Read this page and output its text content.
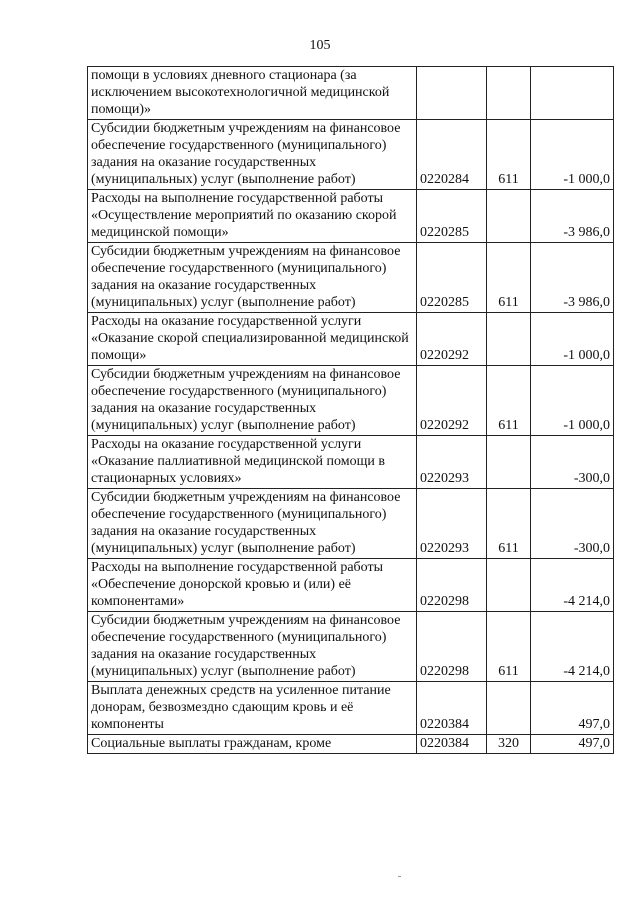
105
помощи в условиях дневного стационара (за исключением высокотехнологичной медицинской помощи)»			
Субсидии бюджетным учреждениям на финансовое обеспечение государственного (муниципального) задания на оказание государственных (муниципальных) услуг (выполнение работ)	0220284	611	-1 000,0
Расходы на выполнение государственной работы «Осуществление мероприятий по оказанию скорой медицинской помощи»	0220285		-3 986,0
Субсидии бюджетным учреждениям на финансовое обеспечение государственного (муниципального) задания на оказание государственных (муниципальных) услуг (выполнение работ)	0220285	611	-3 986,0
Расходы на оказание государственной услуги «Оказание скорой специализированной медицинской помощи»	0220292		-1 000,0
Субсидии бюджетным учреждениям на финансовое обеспечение государственного (муниципального) задания на оказание государственных (муниципальных) услуг (выполнение работ)	0220292	611	-1 000,0
Расходы на оказание государственной услуги «Оказание паллиативной медицинской помощи в стационарных условиях»	0220293		-300,0
Субсидии бюджетным учреждениям на финансовое обеспечение государственного (муниципального) задания на оказание государственных (муниципальных) услуг (выполнение работ)	0220293	611	-300,0
Расходы на выполнение государственной работы «Обеспечение донорской кровью и (или) её компонентами»	0220298		-4 214,0
Субсидии бюджетным учреждениям на финансовое обеспечение государственного (муниципального) задания на оказание государственных (муниципальных) услуг (выполнение работ)	0220298	611	-4 214,0
Выплата денежных средств на усиленное питание донорам, безвозмездно сдающим кровь и её компоненты	0220384		497,0
Социальные выплаты гражданам, кроме	0220384	320	497,0
